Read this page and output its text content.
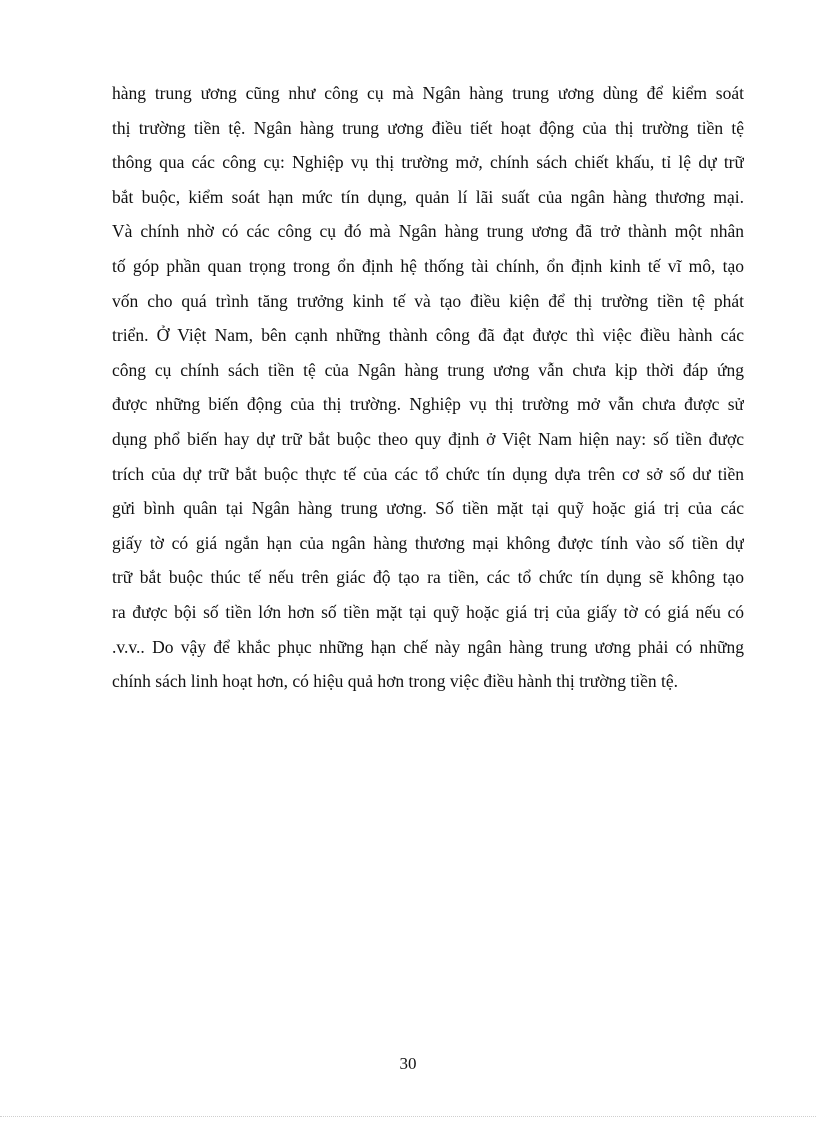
hàng trung ương cũng như công cụ mà Ngân hàng trung ương dùng để kiểm soát
thị trường tiền tệ. Ngân hàng trung ương điều tiết hoạt động của thị trường tiền tệ
thông qua các công cụ: Nghiệp vụ thị trường mở, chính sách chiết khấu, tỉ lệ dự trữ
bắt buộc, kiểm soát hạn mức tín dụng, quản lí lãi suất của ngân hàng thương mại.
Và chính nhờ có các công cụ đó mà Ngân hàng trung ương đã trở thành một nhân
tố góp phần quan trọng trong ổn định hệ thống tài chính, ổn định kinh tế vĩ mô, tạo
vốn cho quá trình tăng trưởng kinh tế và tạo điều kiện để thị trường tiền tệ phát
triển. Ở Việt Nam, bên cạnh những thành công đã đạt được thì việc điều hành các
công cụ chính sách tiền tệ của Ngân hàng trung ương vẫn chưa kịp thời đáp ứng
được những biến động của thị trường. Nghiệp vụ thị trường mở vẫn chưa được sử
dụng phổ biến hay dự trữ bắt buộc theo quy định ở Việt Nam hiện nay: số tiền được
trích của dự trữ bắt buộc thực tế của các tổ chức tín dụng dựa trên cơ sở số dư tiền
gửi bình quân tại Ngân hàng trung ương. Số tiền mặt tại quỹ hoặc giá trị của các
giấy tờ có giá ngắn hạn của ngân hàng thương mại không được tính vào số tiền dự
trữ bắt buộc thúc tế nếu trên giác độ tạo ra tiền, các tổ chức tín dụng sẽ không tạo
ra được bội số tiền lớn hơn số tiền mặt tại quỹ hoặc giá trị của giấy tờ có giá nếu có
.v.v.. Do vậy để khắc phục những hạn chế này ngân hàng trung ương phải có những
chính sách linh hoạt hơn, có hiệu quả hơn trong việc điều hành thị trường tiền tệ.
30
